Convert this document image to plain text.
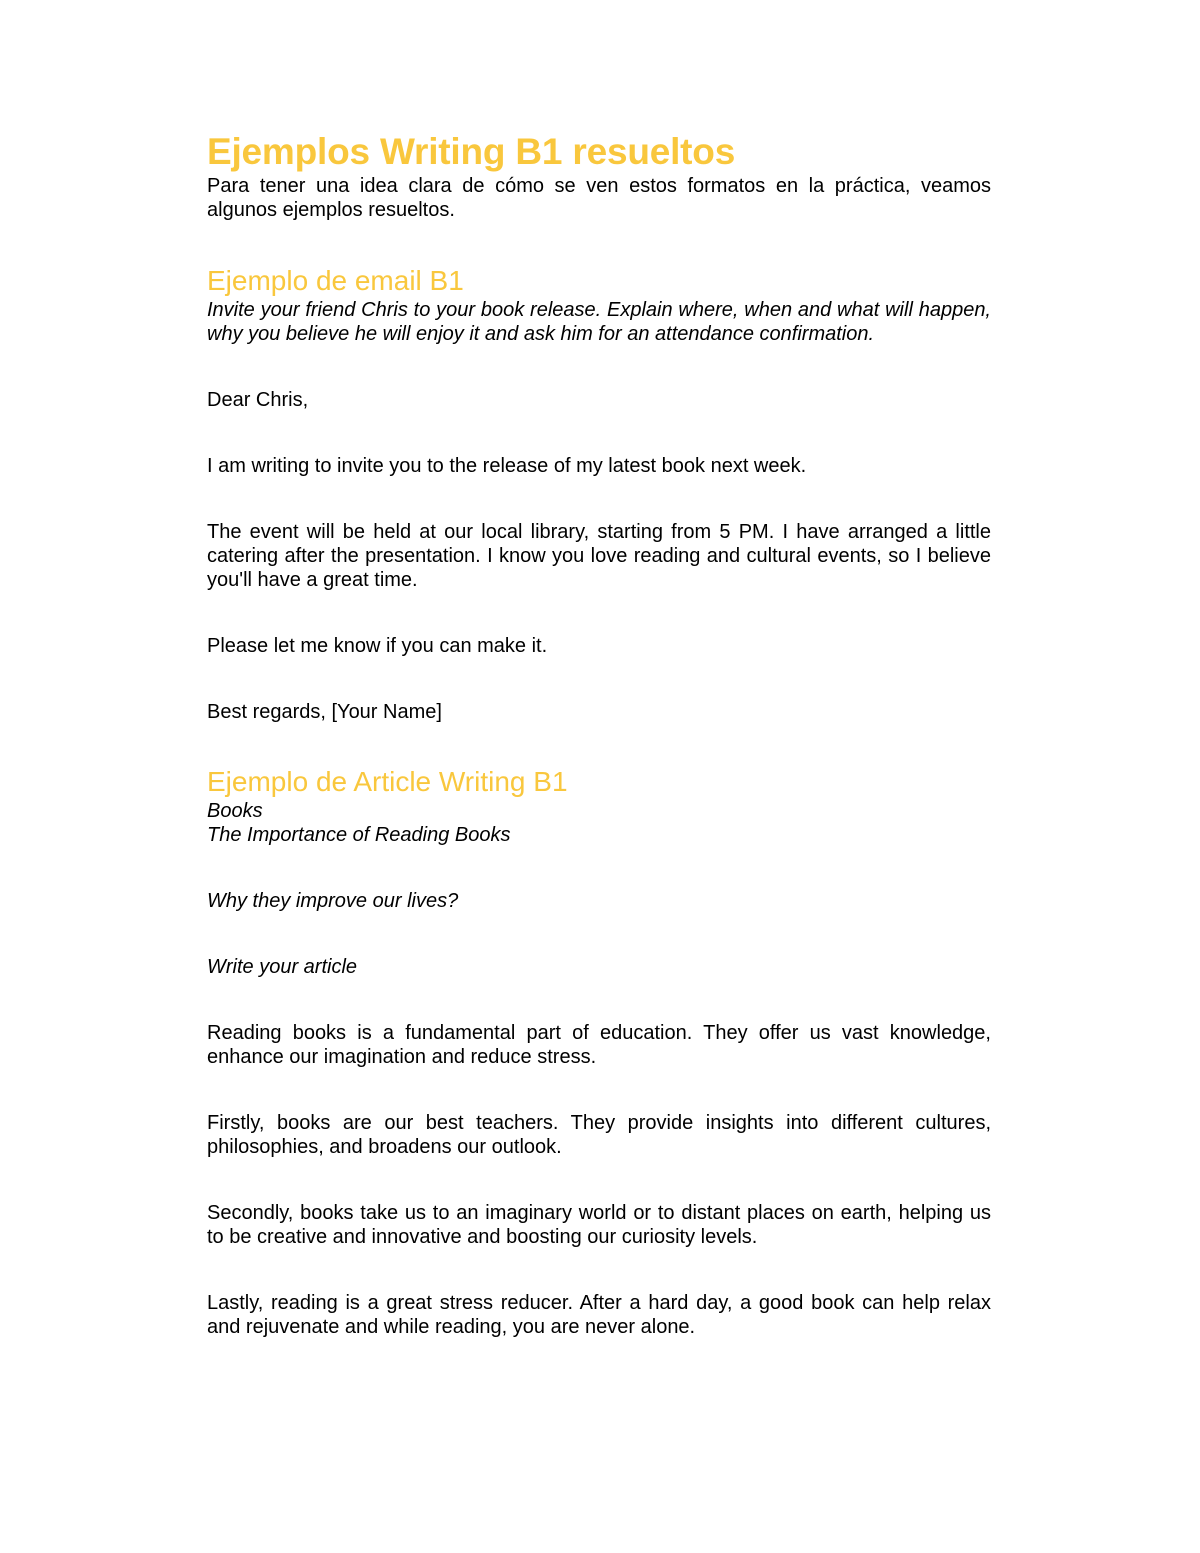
Ejemplos Writing B1 resueltos

Para tener una idea clara de cómo se ven estos formatos en la práctica, veamos algunos ejemplos resueltos.

Ejemplo de email B1

Invite your friend Chris to your book release. Explain where, when and what will happen, why you believe he will enjoy it and ask him for an attendance confirmation.

Dear Chris,

I am writing to invite you to the release of my latest book next week.

The event will be held at our local library, starting from 5 PM. I have arranged a little catering after the presentation. I know you love reading and cultural events, so I believe you'll have a great time.

Please let me know if you can make it.

Best regards, [Your Name]

Ejemplo de Article Writing B1

Books

The Importance of Reading Books

Why they improve our lives?

Write your article

Reading books is a fundamental part of education. They offer us vast knowledge, enhance our imagination and reduce stress.

Firstly, books are our best teachers. They provide insights into different cultures, philosophies, and broadens our outlook.

Secondly, books take us to an imaginary world or to distant places on earth, helping us to be creative and innovative and boosting our curiosity levels.

Lastly, reading is a great stress reducer. After a hard day, a good book can help relax and rejuvenate and while reading, you are never alone.
